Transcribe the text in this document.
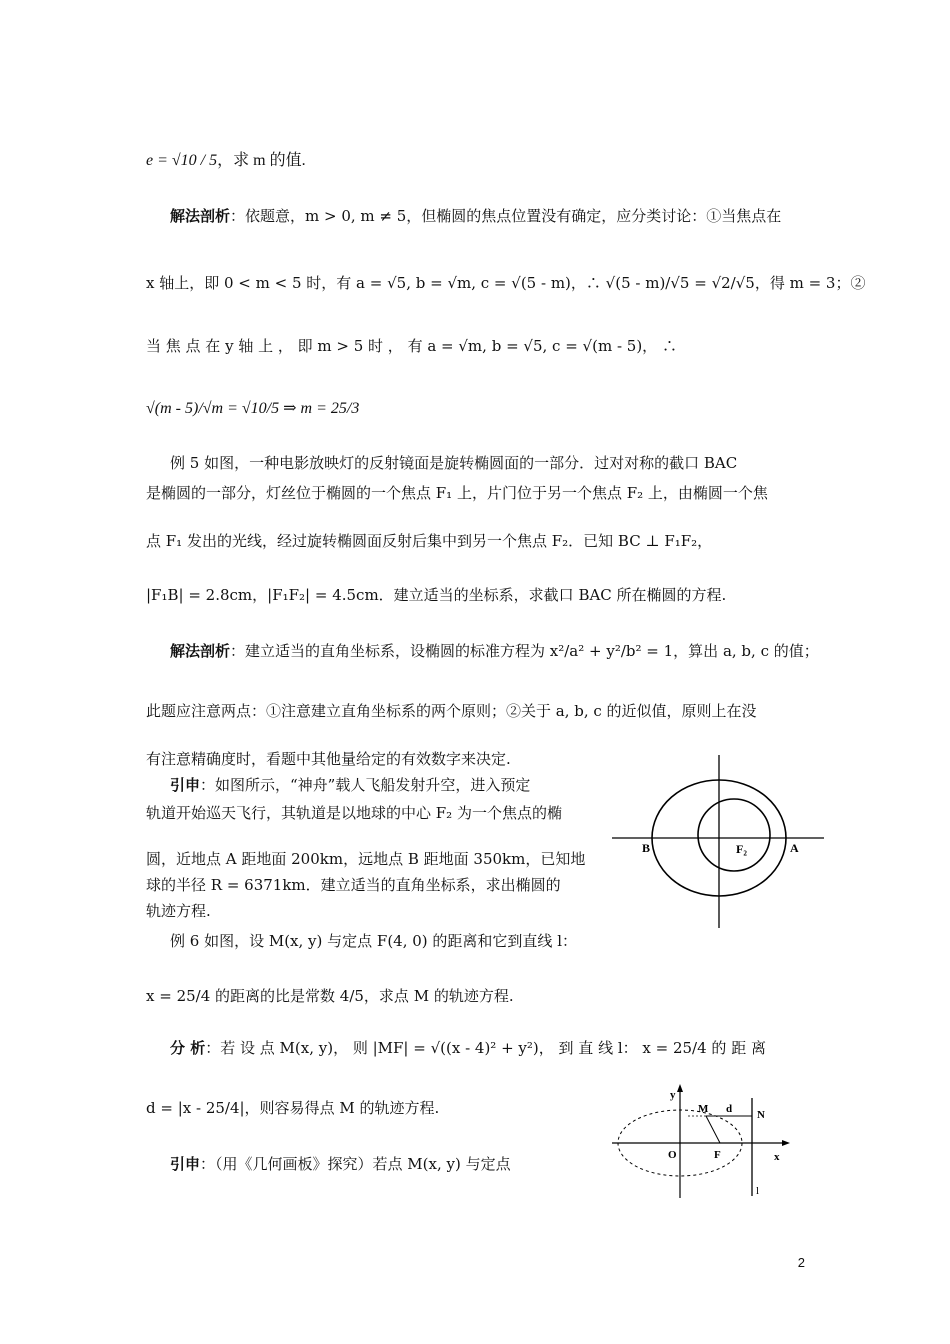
e = √10 / 5，求 m 的值.
解法剖析：依题意，m > 0, m ≠ 5，但椭圆的焦点位置没有确定，应分类讨论：①当焦点在
x 轴上，即 0 < m < 5 时，有 a = √5, b = √m, c = √(5 - m)，∴ √(5 - m)/√5 = √2/√5，得 m = 3；②
当 焦 点 在 y 轴 上 ， 即 m > 5 时 ， 有 a = √m, b = √5, c = √(m - 5)， ∴
√(m - 5)/√m = √10/5 ⇒ m = 25/3
例 5 如图，一种电影放映灯的反射镜面是旋转椭圆面的一部分．过对对称的截口 BAC
是椭圆的一部分，灯丝位于椭圆的一个焦点 F₁ 上，片门位于另一个焦点 F₂ 上，由椭圆一个焦
点 F₁ 发出的光线，经过旋转椭圆面反射后集中到另一个焦点 F₂．已知 BC ⊥ F₁F₂，
|F₁B| = 2.8cm，|F₁F₂| = 4.5cm．建立适当的坐标系，求截口 BAC 所在椭圆的方程.
解法剖析：建立适当的直角坐标系，设椭圆的标准方程为 x²/a² + y²/b² = 1，算出 a, b, c 的值；
此题应注意两点：①注意建立直角坐标系的两个原则；②关于 a, b, c 的近似值，原则上在没
有注意精确度时，看题中其他量给定的有效数字来决定.
引申：如图所示，“神舟”载人飞船发射升空，进入预定
轨道开始巡天飞行，其轨道是以地球的中心 F₂ 为一个焦点的椭
圆，近地点 A 距地面 200km，远地点 B 距地面 350km，已知地
球的半径 R = 6371km．建立适当的直角坐标系，求出椭圆的
轨迹方程.
例 6 如图，设 M(x, y) 与定点 F(4, 0) 的距离和它到直线 l：
x = 25/4 的距离的比是常数 4/5，求点 M 的轨迹方程.
分 析：若 设 点 M(x, y)， 则 |MF| = √((x - 4)² + y²)， 到 直 线 l： x = 25/4 的 距 离
d = |x - 25/4|，则容易得点 M 的轨迹方程.
引申：（用《几何画板》探究）若点 M(x, y) 与定点
B	A
F₂
y
x
O	F
M d N
l
2
